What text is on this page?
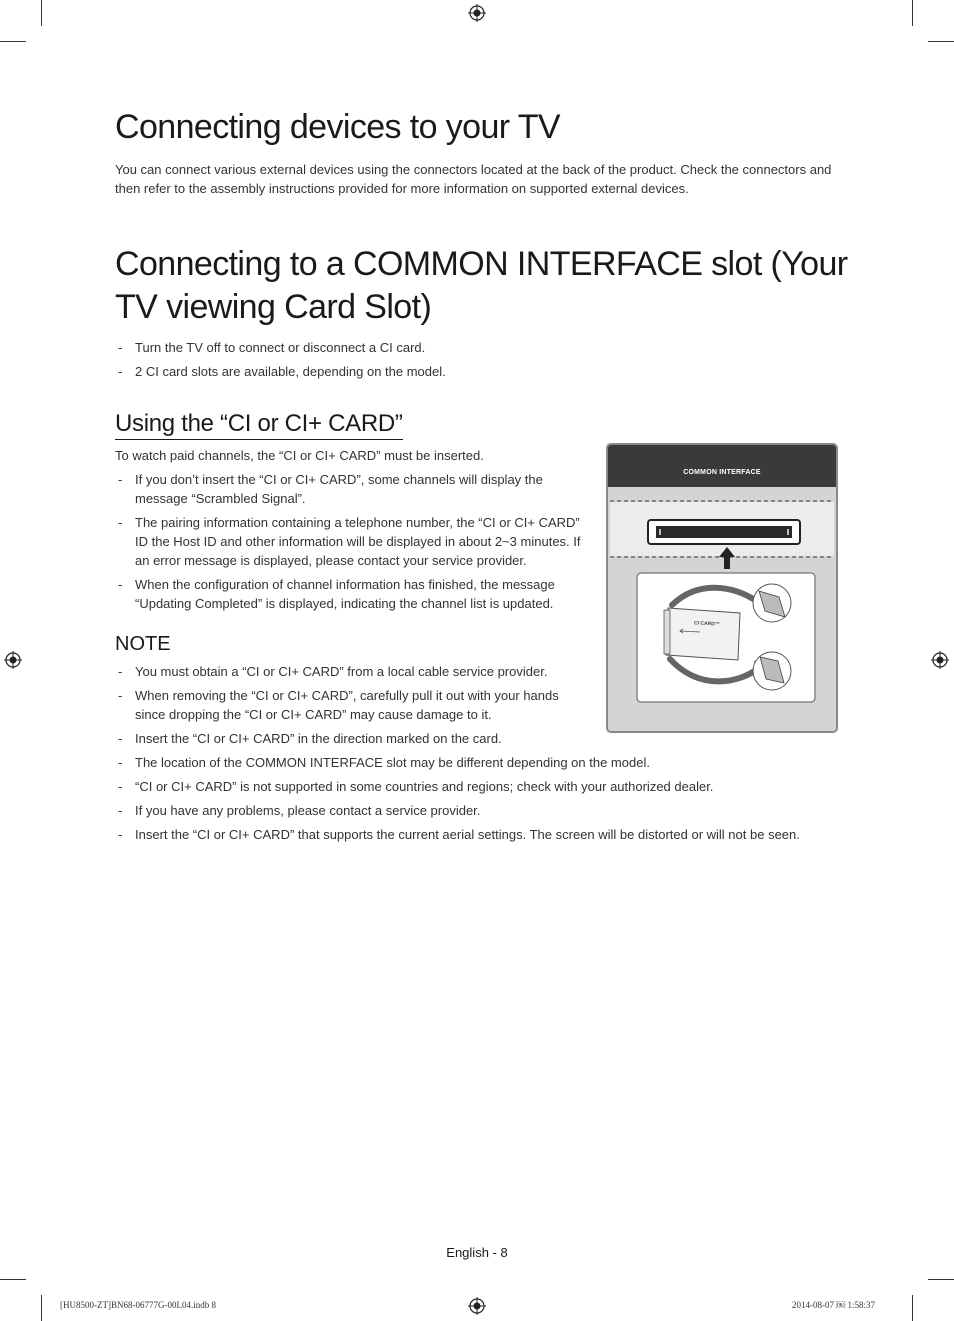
Connecting devices to your TV
You can connect various external devices using the connectors located at the back of the product. Check the connectors and then refer to the assembly instructions provided for more information on supported external devices.
Connecting to a COMMON INTERFACE slot (Your TV viewing Card Slot)
- Turn the TV off to connect or disconnect a CI card.
- 2 CI card slots are available, depending on the model.
Using the “CI or CI+ CARD”
To watch paid channels, the “CI or CI+ CARD” must be inserted.
- If you don’t insert the “CI or CI+ CARD”, some channels will display the message “Scrambled Signal”.
- The pairing information containing a telephone number, the “CI or CI+ CARD” ID the Host ID and other information will be displayed in about 2~3 minutes. If an error message is displayed, please contact your service provider.
- When the configuration of channel information has finished, the message “Updating Completed” is displayed, indicating the channel list is updated.
NOTE
- You must obtain a “CI or CI+ CARD” from a local cable service provider.
- When removing the “CI or CI+ CARD”, carefully pull it out with your hands since dropping the “CI or CI+ CARD” may cause damage to it.
- Insert the “CI or CI+ CARD” in the direction marked on the card.
- The location of the COMMON INTERFACE slot may be different depending on the model.
- “CI or CI+ CARD” is not supported in some countries and regions; check with your authorized dealer.
- If you have any problems, please contact a service provider.
- Insert the “CI or CI+ CARD” that supports the current aerial settings. The screen will be distorted or will not be seen.
COMMON INTERFACE
CI CARD™
English - 8
[HU8500-ZT]BN68-06777G-00L04.indb 8	2014-08-07 ￼ 1:58:37
